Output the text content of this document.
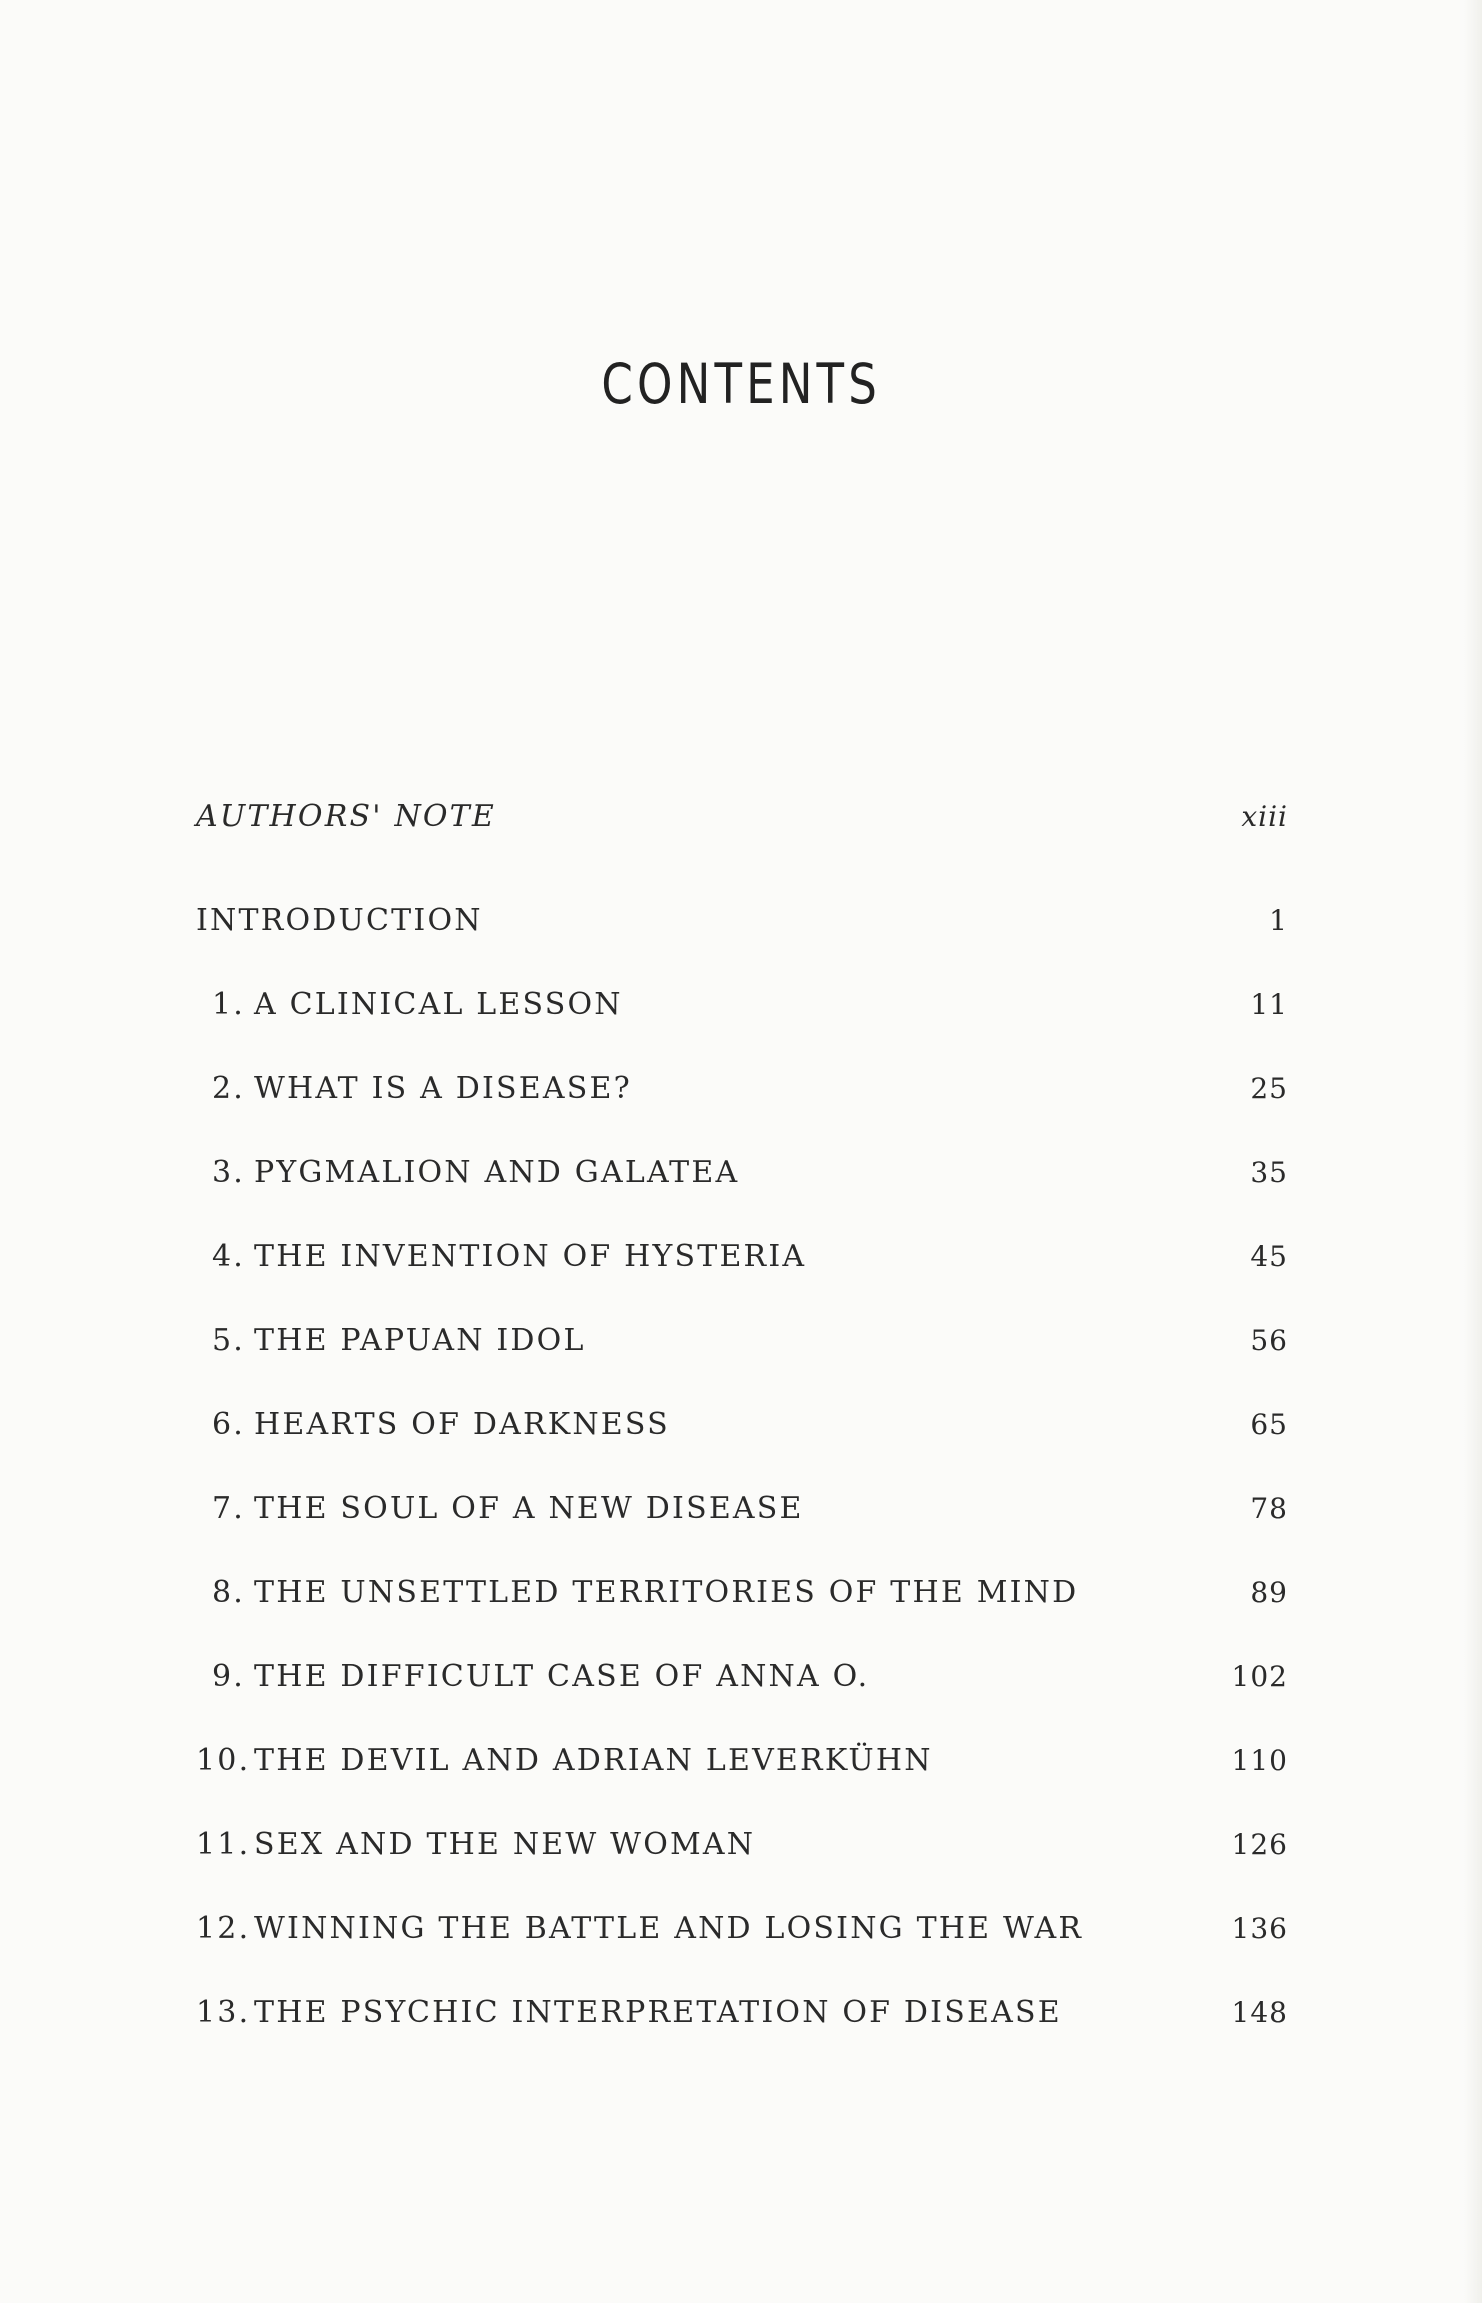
CONTENTS
AUTHORS' NOTE	xiii
INTRODUCTION	1
1. A CLINICAL LESSON	11
2. WHAT IS A DISEASE?	25
3. PYGMALION AND GALATEA	35
4. THE INVENTION OF HYSTERIA	45
5. THE PAPUAN IDOL	56
6. HEARTS OF DARKNESS	65
7. THE SOUL OF A NEW DISEASE	78
8. THE UNSETTLED TERRITORIES OF THE MIND	89
9. THE DIFFICULT CASE OF ANNA O.	102
10. THE DEVIL AND ADRIAN LEVERKÜHN	110
11. SEX AND THE NEW WOMAN	126
12. WINNING THE BATTLE AND LOSING THE WAR	136
13. THE PSYCHIC INTERPRETATION OF DISEASE	148
